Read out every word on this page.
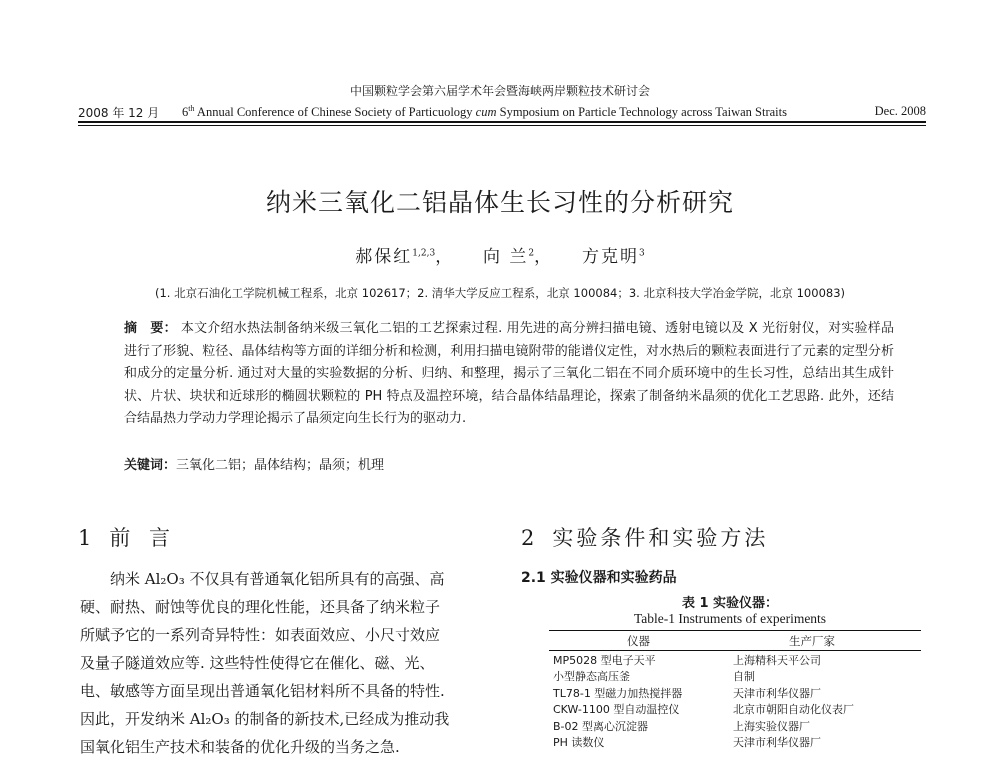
中国颗粒学会第六届学术年会暨海峡两岸颗粒技术研讨会
2008 年 12 月 6th Annual Conference of Chinese Society of Particuology cum Symposium on Particle Technology across Taiwan Straits	Dec. 2008
纳米三氧化二铝晶体生长习性的分析研究
郝保红$^{1,2,3}$， 向 兰$^2$， 方克明$^3$
(1. 北京石油化工学院机械工程系，北京 102617；2. 清华大学反应工程系，北京 100084；3. 北京科技大学冶金学院，北京 100083)
摘　要： 本文介绍水热法制备纳米级三氧化二铝的工艺探索过程. 用先进的高分辨扫描电镜、透射电镜以及 X 光衍射仪，对实验样品进行了形貌、粒径、晶体结构等方面的详细分析和检测，利用扫描电镜附带的能谱仪定性，对水热后的颗粒表面进行了元素的定型分析和成分的定量分析. 通过对大量的实验数据的分析、归纳、和整理，揭示了三氧化二铝在不同介质环境中的生长习性，总结出其生成针状、片状、块状和近球形的椭圆状颗粒的 PH 特点及温控环境，结合晶体结晶理论，探索了制备纳米晶须的优化工艺思路. 此外，还结合结晶热力学动力学理论揭示了晶须定向生长行为的驱动力.
关键词：三氧化二铝；晶体结构；晶须；机理
1 前 言
　　纳米 Al₂O₃ 不仅具有普通氧化铝所具有的高强、高
硬、耐热、耐蚀等优良的理化性能，还具备了纳米粒子
所赋予它的一系列奇异特性：如表面效应、小尺寸效应
及量子隧道效应等. 这些特性使得它在催化、磁、光、
电、敏感等方面呈现出普通氧化铝材料所不具备的特性.
因此，开发纳米 Al₂O₃ 的制备的新技术,已经成为推动我
国氧化铝生产技术和装备的优化升级的当务之急.
2 实验条件和实验方法
2.1 实验仪器和实验药品
表 1 实验仪器：
Table-1 Instruments of experiments
仪器	生产厂家
MP5028 型电子天平	上海精科天平公司
小型静态高压釜	自制
TL78-1 型磁力加热搅拌器	天津市利华仪器厂
CKW-1100 型自动温控仪	北京市朝阳自动化仪表厂
B-02 型离心沉淀器	上海实验仪器厂
PH 读数仪	天津市利华仪器厂
